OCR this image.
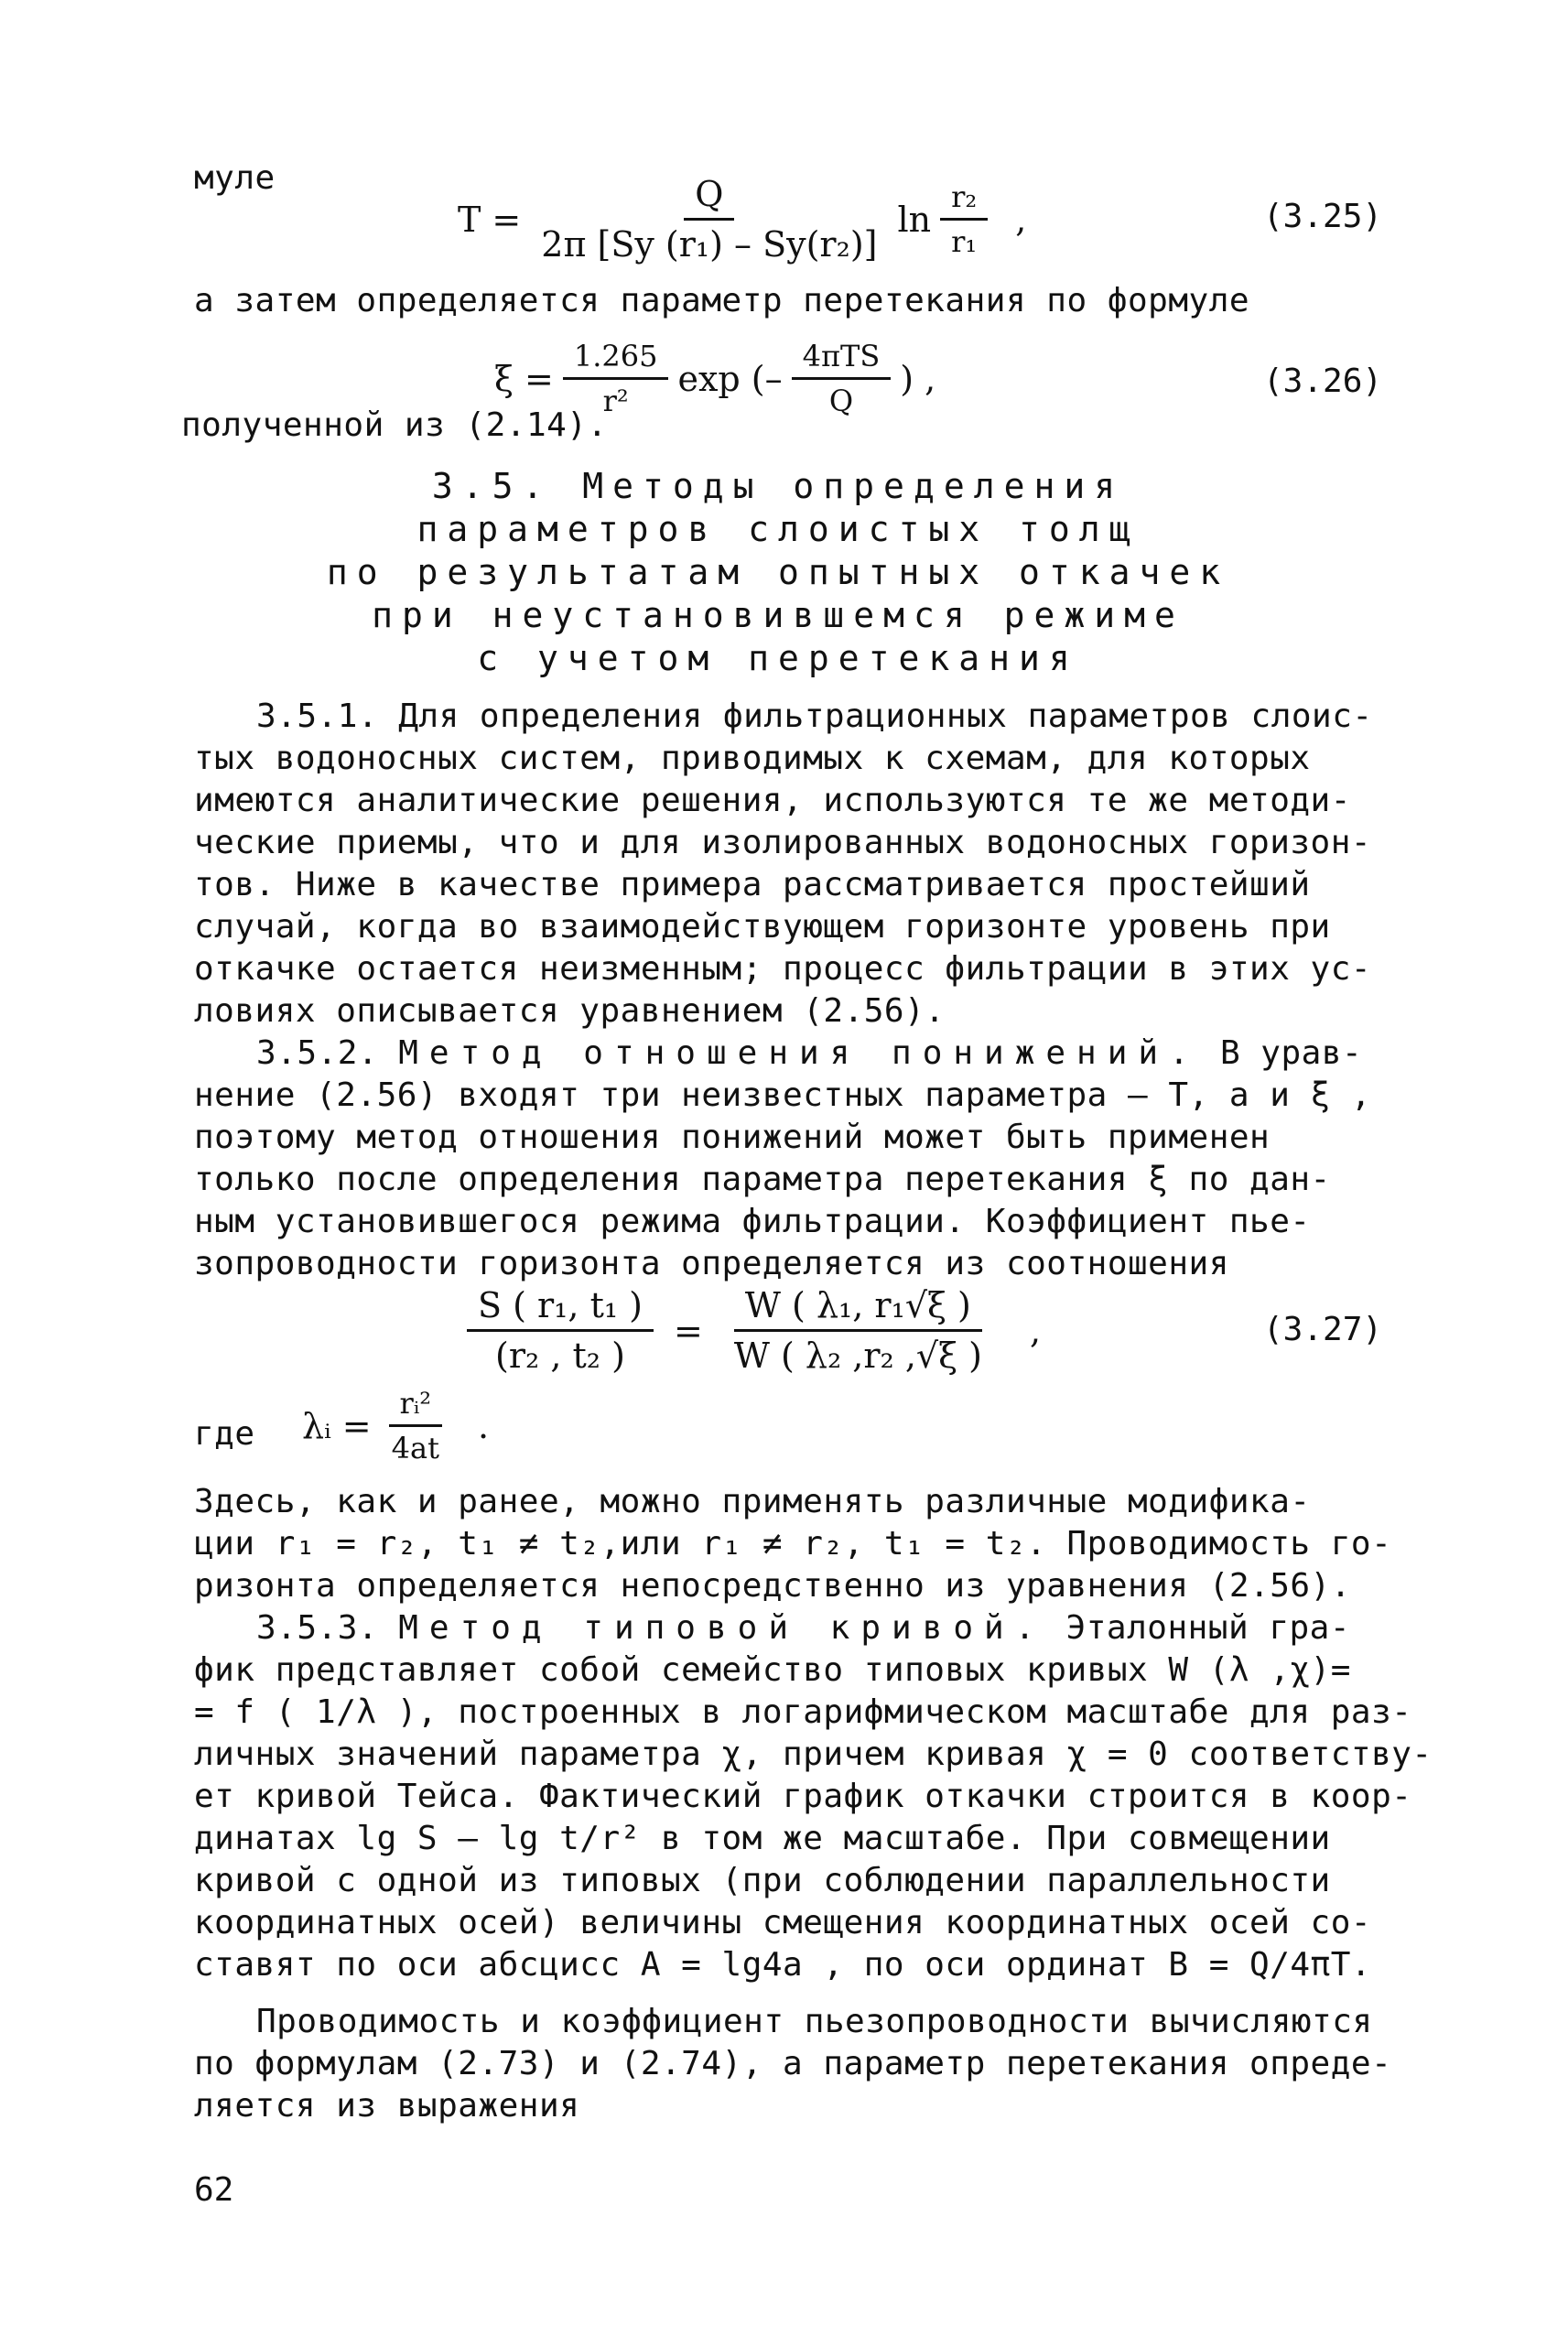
муле
$T = \frac{Q}{\text{2π [Sy (r₁) – Sy(r₂)]}}$ $\ln \frac{\text{r₂}}{\text{r₁}}$ ,	(3.25)
а затем определяется параметр перетекания по формуле
$\xi = \frac{1.265}{\text{r²}}$ exp (– $\frac{\text{4πTS}}{Q}$ ) ,	(3.26)
полученной из (2.14).
3.5. Методы определения
параметров слоистых толщ
по результатам опытных откачек
при неустановившемся режиме
с учетом перетекания
3.5.1. Для определения фильтрационных параметров слоис-
тых водоносных систем, приводимых к схемам, для которых
имеются аналитические решения, используются те же методи-
ческие приемы, что и для изолированных водоносных горизон-
тов. Ниже в качестве примера рассматривается простейший
случай, когда во взаимодействующем горизонте уровень при
откачке остается неизменным; процесс фильтрации в этих ус-
ловиях описывается уравнением (2.56).
3.5.2. Метод отношения понижений. В урав-
нение (2.56) входят три неизвестных параметра – T, a и ξ ,
поэтому метод отношения понижений может быть применен
только после определения параметра перетекания ξ по дан-
ным установившегося режима фильтрации. Коэффициент пье-
зопроводности горизонта определяется из соотношения
$\frac{\text{S ( r₁, t₁ )}}{\text{(r₂ , t₂ )}} = \frac{\text{W ( λ₁, r₁√ξ )}}{\text{W ( λ₂ ,r₂ ,√ξ )}}$ ,	(3.27)
где λᵢ = $\frac{\text{rᵢ²}}{4at}$ .
Здесь, как и ранее, можно применять различные модифика-
ции r₁ = r₂, t₁ ≠ t₂,или r₁ ≠ r₂, t₁ = t₂. Проводимость го-
ризонта определяется непосредственно из уравнения (2.56).
3.5.3. Метод типовой кривой. Эталонный гра-
фик представляет собой семейство типовых кривых W (λ ,χ)=
= f ( 1/λ ), построенных в логарифмическом масштабе для раз-
личных значений параметра χ, причем кривая χ = 0 соответству-
ет кривой Тейса. Фактический график откачки строится в коор-
динатах lg S – lg t/r² в том же масштабе. При совмещении
кривой с одной из типовых (при соблюдении параллельности
координатных осей) величины смещения координатных осей со-
ставят по оси абсцисс A = lg4a , по оси ординат B = Q/4πT.
Проводимость и коэффициент пьезопроводности вычисляются
по формулам (2.73) и (2.74), а параметр перетекания опреде-
ляется из выражения
62
